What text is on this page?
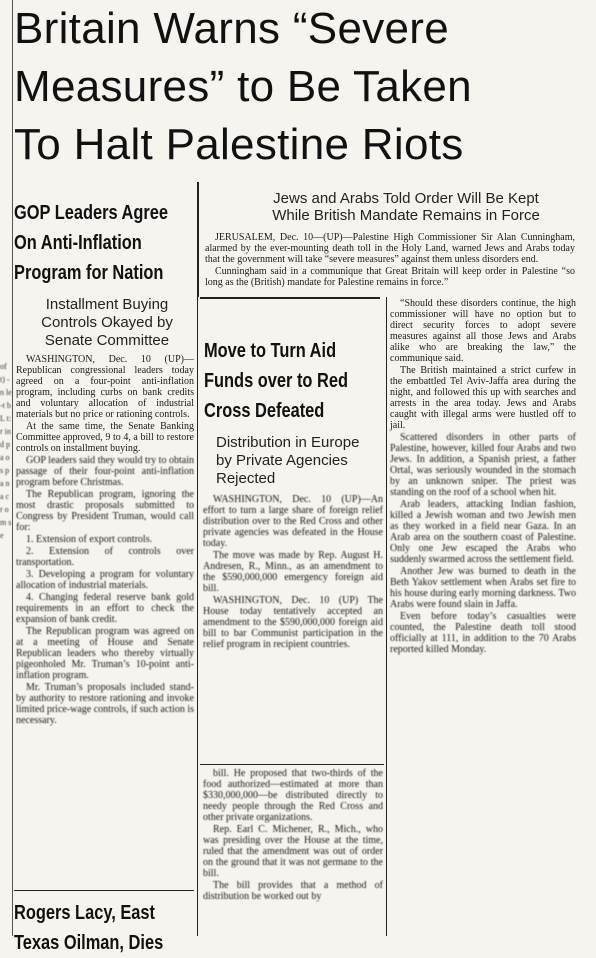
Britain Warns “Severe
Measures” to Be Taken
To Halt Palestine Riots
of t) -n le -t b L t: r in d p a o s p a n a c r o m s e
Jews and Arabs Told Order Will Be Kept
While British Mandate Remains in Force

JERUSALEM, Dec. 10—(UP)—Palestine High Commissioner Sir Alan Cunningham, alarmed by the ever-mounting death toll in the Holy Land, warned Jews and Arabs today that the government will take “severe measures” against them unless disorders end.

Cunningham said in a communique that Great Britain will keep order in Palestine “so long as the (British) mandate for Palestine remains in force.”

“Should these disorders continue, the high commissioner will have no option but to direct security forces to adopt severe measures against all those Jews and Arabs alike who are breaking the law,” the communique said.

The British maintained a strict curfew in the embattled Tel Aviv-Jaffa area during the night, and followed this up with searches and arrests in the area today. Jews and Arabs caught with illegal arms were hustled off to jail.

Scattered disorders in other parts of Palestine, however, killed four Arabs and two Jews. In addition, a Spanish priest, a father Ortal, was seriously wounded in the stomach by an unknown sniper. The priest was standing on the roof of a school when hit.

Arab leaders, attacking Indian fashion, killed a Jewish woman and two Jewish men as they worked in a field near Gaza. In an Arab area on the southern coast of Palestine. Only one Jew escaped the Arabs who suddenly swarmed across the settlement field.

Another Jew was burned to death in the Beth Yakov settlement when Arabs set fire to his house during early morning darkness. Two Arabs were found slain in Jaffa.

Even before today’s casualties were counted, the Palestine death toll stood officially at 111, in addition to the 70 Arabs reported killed Monday.

GOP Leaders Agree
On Anti-Inflation
Program for Nation
Installment Buying Controls Okayed by Senate Committee

WASHINGTON, Dec. 10 (UP)—Republican congressional leaders today agreed on a four-point anti-inflation program, including curbs on bank credits and voluntary allocation of industrial materials but no price or rationing controls.

At the same time, the Senate Banking Committee approved, 9 to 4, a bill to restore controls on installment buying.

GOP leaders said they would try to obtain passage of their four-point anti-inflation program before Christmas.

The Republican program, ignoring the most drastic proposals submitted to Congress by President Truman, would call for:

1. Extension of export controls.

2. Extension of controls over transportation.

3. Developing a program for voluntary allocation of industrial materials.

4. Changing federal reserve bank gold requirements in an effort to check the expansion of bank credit.

The Republican program was agreed on at a meeting of House and Senate Republican leaders who thereby virtually pigeonholed Mr. Truman’s 10-point anti-inflation program.

Mr. Truman’s proposals included stand-by authority to restore rationing and invoke limited price-wage controls, if such action is necessary.

Move to Turn Aid
Funds over to Red
Cross Defeated
Distribution in Europe by Private Agencies Rejected

WASHINGTON, Dec. 10 (UP)—An effort to turn a large share of foreign relief distribution over to the Red Cross and other private agencies was defeated in the House today.

The move was made by Rep. August H. Andresen, R., Minn., as an amendment to the $590,000,000 emergency foreign aid bill.

WASHINGTON, Dec. 10 (UP) The House today tentatively accepted an amendment to the $590,000,000 foreign aid bill to bar Communist participation in the relief program in recipient countries.

bill. He proposed that two-thirds of the food authorized—estimated at more than $330,000,000—be distributed directly to needy people through the Red Cross and other private organizations.

Rep. Earl C. Michener, R., Mich., who was presiding over the House at the time, ruled that the amendment was out of order on the ground that it was not germane to the bill.

The bill provides that a method of distribution be worked out by

Rogers Lacy, East
Texas Oilman, Dies
